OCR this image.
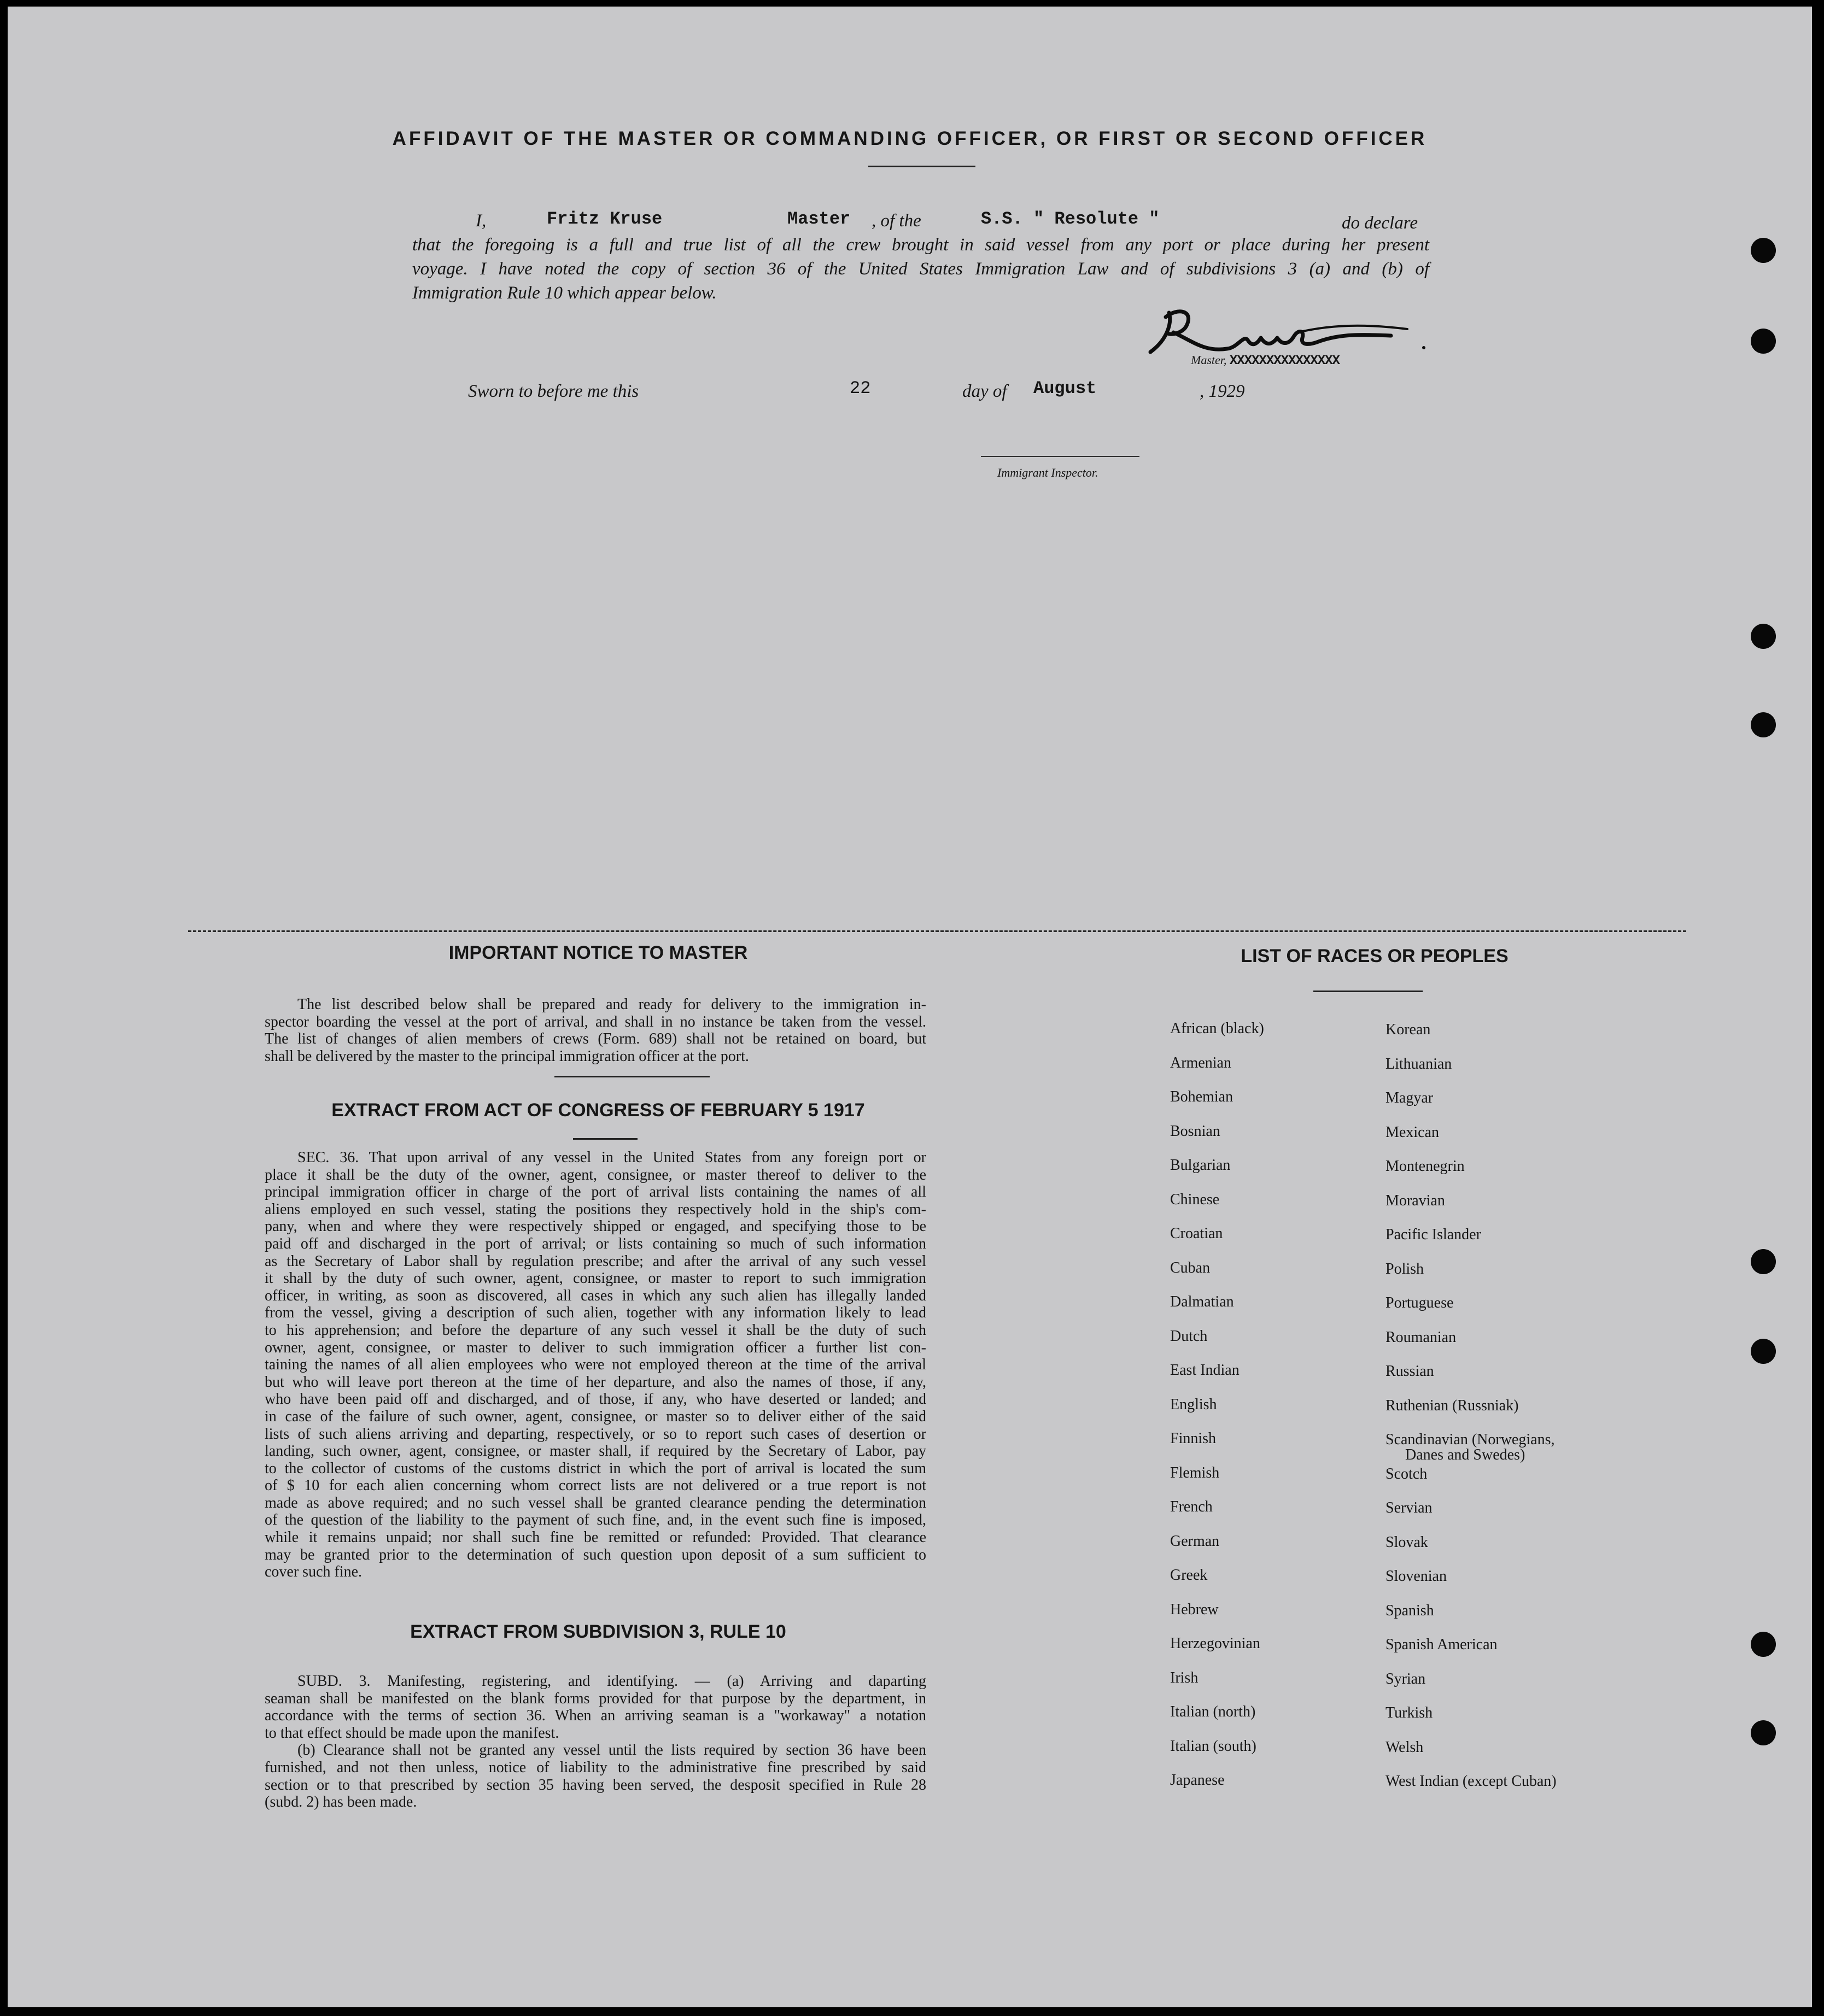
AFFIDAVIT OF THE MASTER OR COMMANDING OFFICER, OR FIRST OR SECOND OFFICER
I,	Fritz Kruse	Master , of the	S.S. " Resolute "	do declare
that the foregoing is a full and true list of all the crew brought in said vessel from any port or place during her present
voyage. I have noted the copy of section 36 of the United States Immigration Law and of subdivisions 3 (a) and (b) of
Immigration Rule 10 which appear below.
Master, XXXXXXXXXXXXXXX
Sworn to before me this	22	day of August	, 1929
Immigrant Inspector.
IMPORTANT NOTICE TO MASTER
The list described below shall be prepared and ready for delivery to the immigration in-
spector boarding the vessel at the port of arrival, and shall in no instance be taken from the vessel.
The list of changes of alien members of crews (Form. 689) shall not be retained on board, but
shall be delivered by the master to the principal immigration officer at the port.
EXTRACT FROM ACT OF CONGRESS OF FEBRUARY 5 1917
SEC. 36. That upon arrival of any vessel in the United States from any foreign port or
place it shall be the duty of the owner, agent, consignee, or master thereof to deliver to the
principal immigration officer in charge of the port of arrival lists containing the names of all
aliens employed en such vessel, stating the positions they respectively hold in the ship's com-
pany, when and where they were respectively shipped or engaged, and specifying those to be
paid off and discharged in the port of arrival; or lists containing so much of such information
as the Secretary of Labor shall by regulation prescribe; and after the arrival of any such vessel
it shall by the duty of such owner, agent, consignee, or master to report to such immigration
officer, in writing, as soon as discovered, all cases in which any such alien has illegally landed
from the vessel, giving a description of such alien, together with any information likely to lead
to his apprehension; and before the departure of any such vessel it shall be the duty of such
owner, agent, consignee, or master to deliver to such immigration officer a further list con-
taining the names of all alien employees who were not employed thereon at the time of the arrival
but who will leave port thereon at the time of her departure, and also the names of those, if any,
who have been paid off and discharged, and of those, if any, who have deserted or landed; and
in case of the failure of such owner, agent, consignee, or master so to deliver either of the said
lists of such aliens arriving and departing, respectively, or so to report such cases of desertion or
landing, such owner, agent, consignee, or master shall, if required by the Secretary of Labor, pay
to the collector of customs of the customs district in which the port of arrival is located the sum
of $ 10 for each alien concerning whom correct lists are not delivered or a true report is not
made as above required; and no such vessel shall be granted clearance pending the determination
of the question of the liability to the payment of such fine, and, in the event such fine is imposed,
while it remains unpaid; nor shall such fine be remitted or refunded: Provided. That clearance
may be granted prior to the determination of such question upon deposit of a sum sufficient to
cover such fine.
EXTRACT FROM SUBDIVISION 3, RULE 10
SUBD. 3. Manifesting, registering, and identifying. — (a) Arriving and daparting
seaman shall be manifested on the blank forms provided for that purpose by the department, in
accordance with the terms of section 36. When an arriving seaman is a "workaway" a notation
to that effect should be made upon the manifest.
(b) Clearance shall not be granted any vessel until the lists required by section 36 have been
furnished, and not then unless, notice of liability to the administrative fine prescribed by said
section or to that prescribed by section 35 having been served, the desposit specified in Rule 28
(subd. 2) has been made.
LIST OF RACES OR PEOPLES
African (black)
Armenian
Bohemian
Bosnian
Bulgarian
Chinese
Croatian
Cuban
Dalmatian
Dutch
East Indian
English
Finnish
Flemish
French
German
Greek
Hebrew
Herzegovinian
Irish
Italian (north)
Italian (south)
Japanese
Korean
Lithuanian
Magyar
Mexican
Montenegrin
Moravian
Pacific Islander
Polish
Portuguese
Roumanian
Russian
Ruthenian (Russniak)
Scandinavian (Norwegians,
Danes and Swedes)
Scotch
Servian
Slovak
Slovenian
Spanish
Spanish American
Syrian
Turkish
Welsh
West Indian (except Cuban)
